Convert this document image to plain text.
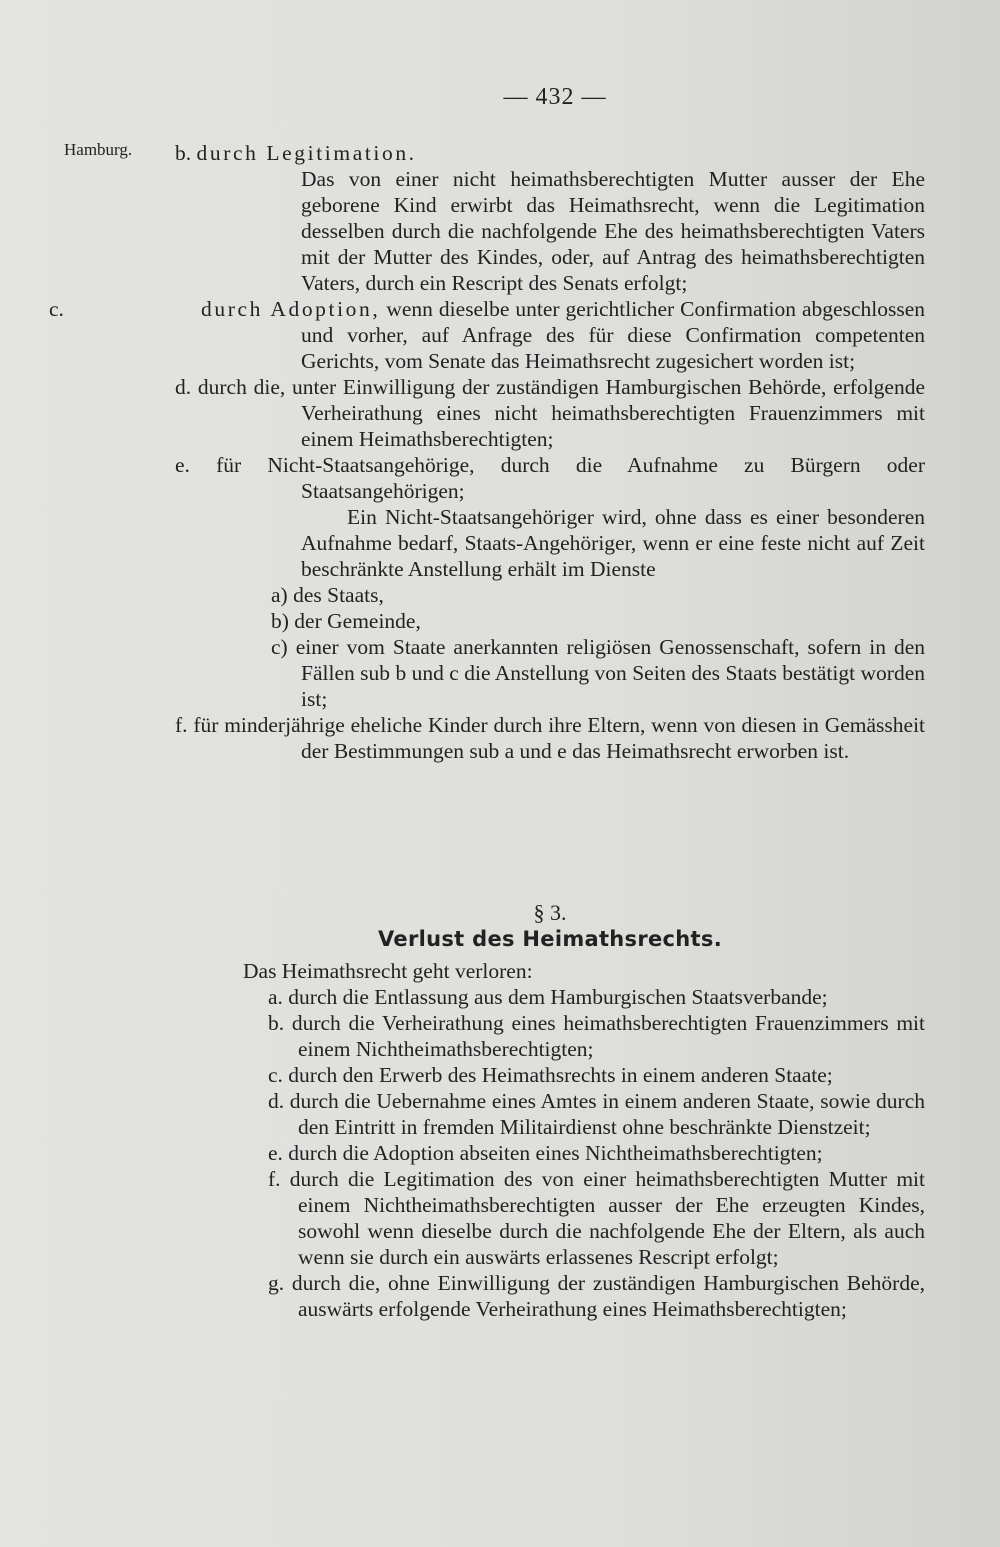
— 432 —
Hamburg. b. durch Legitimation.
Das von einer nicht heimathsberechtigten Mutter ausser der Ehe geborene Kind erwirbt das Heimathsrecht, wenn die Legitimation desselben durch die nachfolgende Ehe des heimathsberechtigten Vaters mit der Mutter des Kindes, oder, auf Antrag des heimathsberechtigten Vaters, durch ein Rescript des Senats erfolgt;
c.	durch Adoption, wenn dieselbe unter gerichtlicher Confirmation abgeschlossen und vorher, auf Anfrage des für diese Confirmation competenten Gerichts, vom Senate das Heimathsrecht zugesichert worden ist;
d. durch die, unter Einwilligung der zuständigen Hamburgischen Behörde, erfolgende Verheirathung eines nicht heimathsberechtigten Frauenzimmers mit einem Heimathsberechtigten;
e. für Nicht-Staatsangehörige, durch die Aufnahme zu Bürgern oder Staatsangehörigen;
Ein Nicht-Staatsangehöriger wird, ohne dass es einer besonderen Aufnahme bedarf, Staats-Angehöriger, wenn er eine feste nicht auf Zeit beschränkte Anstellung erhält im Dienste
a) des Staats,
b) der Gemeinde,
c) einer vom Staate anerkannten religiösen Genossenschaft, sofern in den Fällen sub b und c die Anstellung von Seiten des Staats bestätigt worden ist;
f. für minderjährige eheliche Kinder durch ihre Eltern, wenn von diesen in Gemässheit der Bestimmungen sub a und e das Heimathsrecht erworben ist.
§ 3.
Verlust des Heimathsrechts.
Das Heimathsrecht geht verloren:
a. durch die Entlassung aus dem Hamburgischen Staatsverbande;
b. durch die Verheirathung eines heimathsberechtigten Frauenzimmers mit einem Nichtheimathsberechtigten;
c. durch den Erwerb des Heimathsrechts in einem anderen Staate;
d. durch die Uebernahme eines Amtes in einem anderen Staate, sowie durch den Eintritt in fremden Militairdienst ohne beschränkte Dienstzeit;
e. durch die Adoption abseiten eines Nichtheimathsberechtigten;
f. durch die Legitimation des von einer heimathsberechtigten Mutter mit einem Nichtheimathsberechtigten ausser der Ehe erzeugten Kindes, sowohl wenn dieselbe durch die nachfolgende Ehe der Eltern, als auch wenn sie durch ein auswärts erlassenes Rescript erfolgt;
g. durch die, ohne Einwilligung der zuständigen Hamburgischen Behörde, auswärts erfolgende Verheirathung eines Heimathsberechtigten;
